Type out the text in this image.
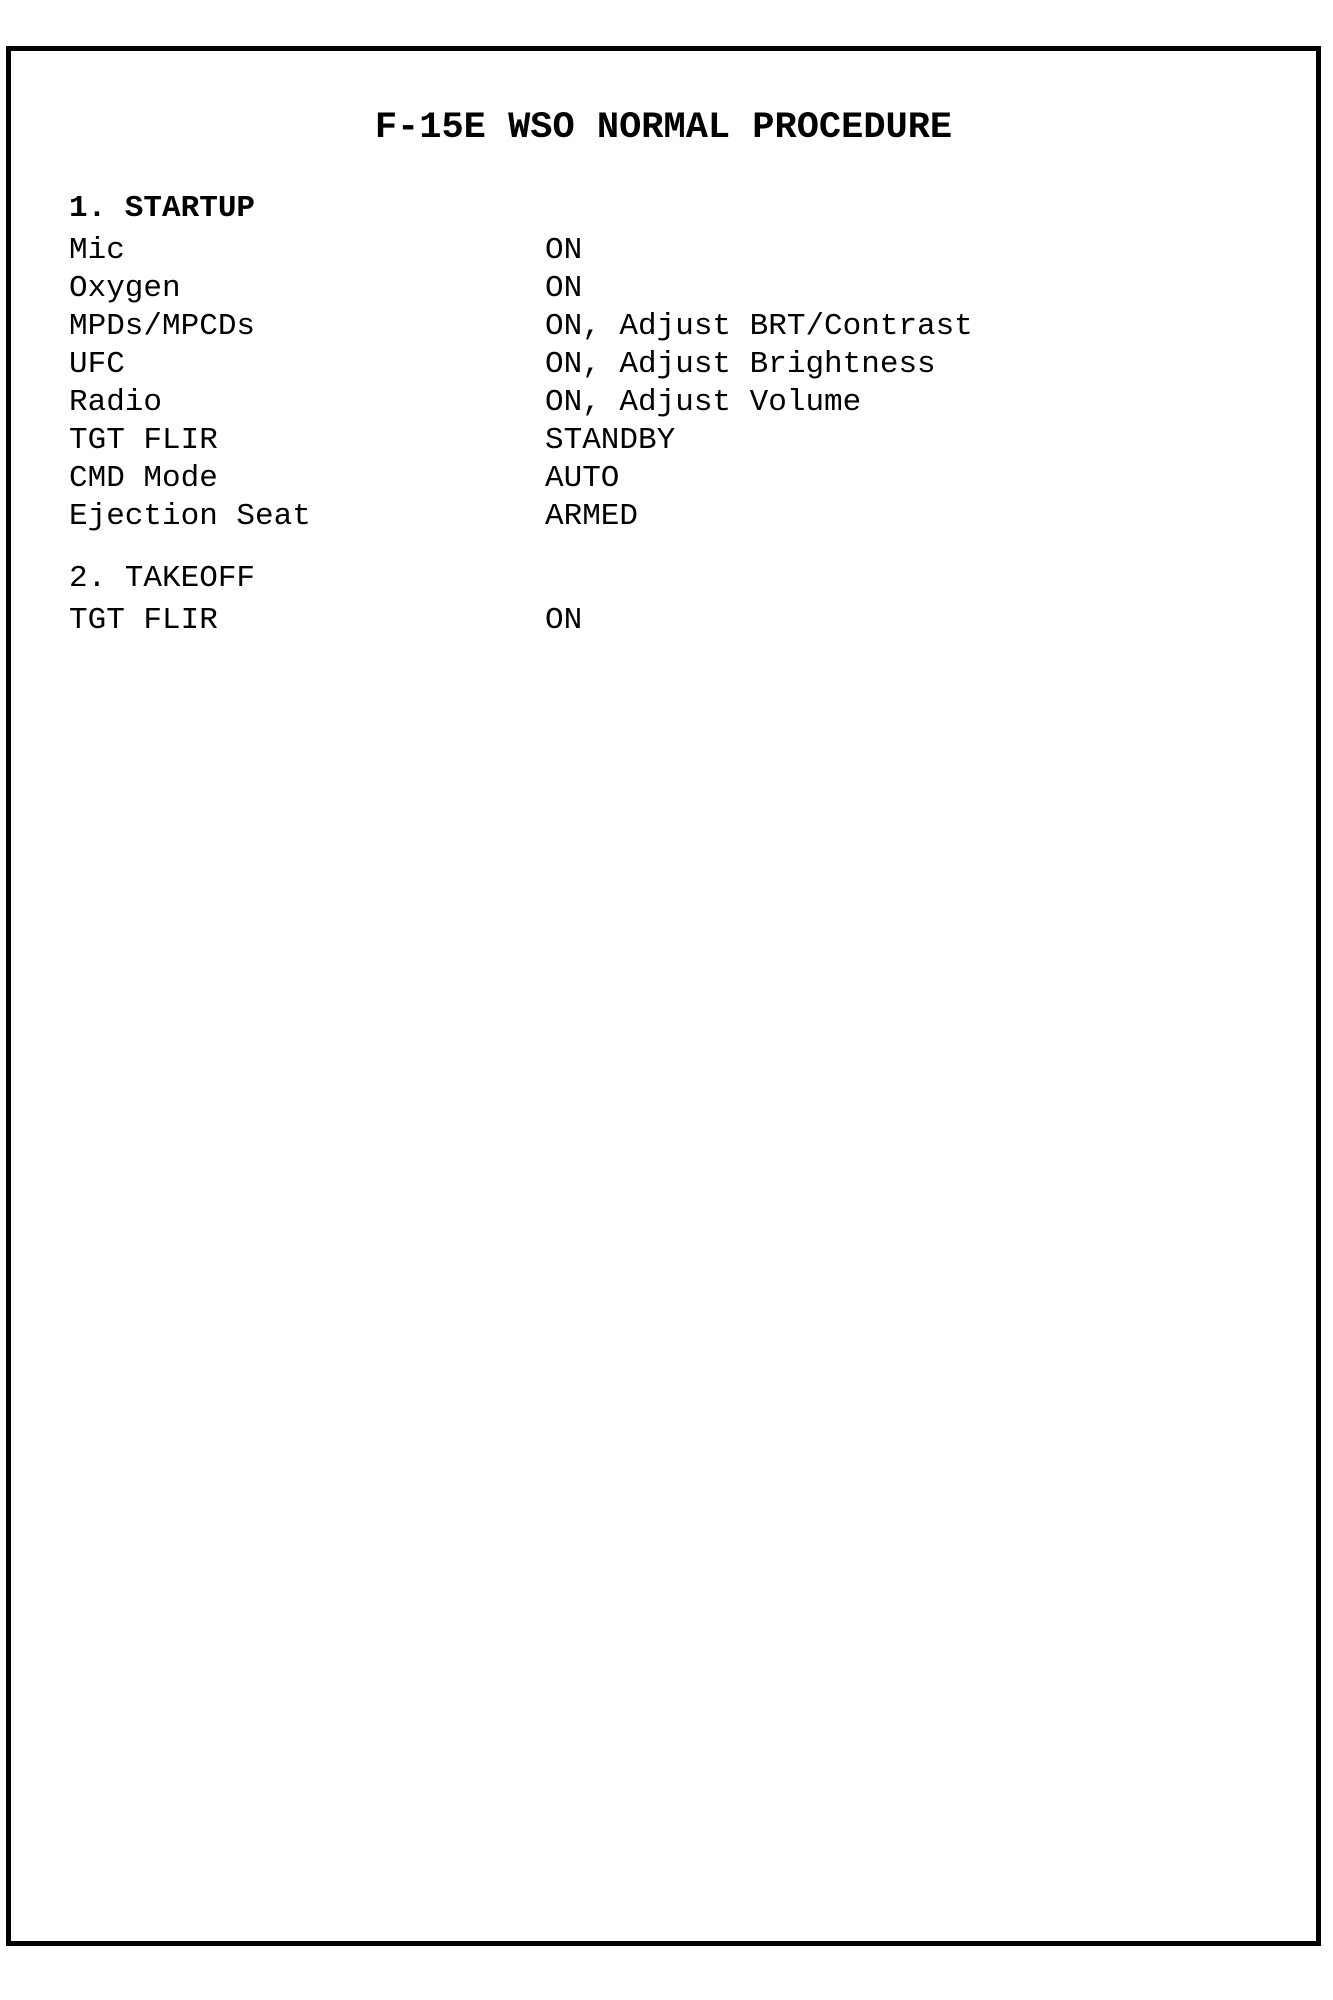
F-15E WSO NORMAL PROCEDURE
1. STARTUP
Mic	ON
Oxygen	ON
MPDs/MPCDs	ON, Adjust BRT/Contrast
UFC	ON, Adjust Brightness
Radio	ON, Adjust Volume
TGT FLIR	STANDBY
CMD Mode	AUTO
Ejection Seat	ARMED
2. TAKEOFF
TGT FLIR	ON
